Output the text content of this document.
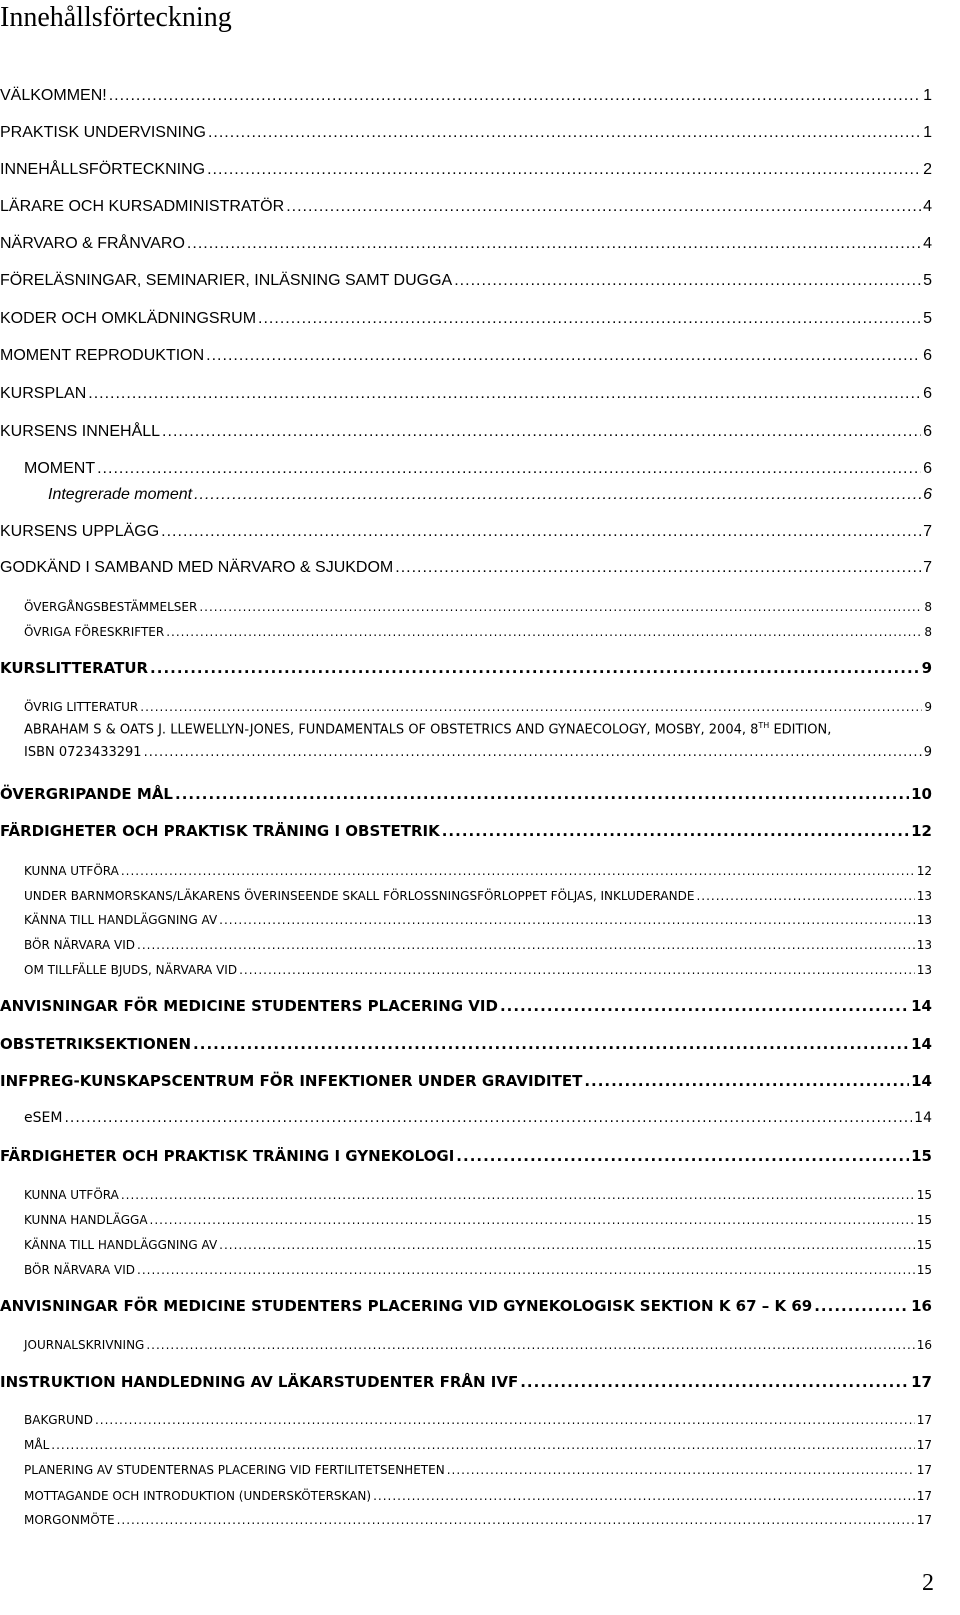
Innehållsförteckning
VÄLKOMMEN! .....	1
PRAKTISK UNDERVISNING .....	1
INNEHÅLLSFÖRTECKNING .....	2
LÄRARE OCH KURSADMINISTRATÖR .....	4
NÄRVARO & FRÅNVARO .....	4
FÖRELÄSNINGAR, SEMINARIER, INLÄSNING SAMT DUGGA .....	5
KODER OCH OMKLÄDNINGSRUM .....	5
MOMENT REPRODUKTION .....	6
KURSPLAN .....	6
KURSENS INNEHÅLL .....	6
MOMENT .....	6
Integrerade moment .....	6
KURSENS UPPLÄGG .....	7
GODKÄND I SAMBAND MED NÄRVARO & SJUKDOM .....	7
ÖVERGÅNGSBESTÄMMELSER .....	8
ÖVRIGA FÖRESKRIFTER .....	8
KURSLITTERATUR .....	9
ÖVRIG LITTERATUR .....	9
ABRAHAM S & OATS J. LLEWELLYN-JONES, FUNDAMENTALS OF OBSTETRICS AND GYNAECOLOGY, MOSBY, 2004, 8TH EDITION,
ISBN 0723433291 .....	9
ÖVERGRIPANDE MÅL .....	10
FÄRDIGHETER OCH PRAKTISK TRÄNING I OBSTETRIK .....	12
KUNNA UTFÖRA .....	12
UNDER BARNMORSKANS/LÄKARENS ÖVERINSEENDE SKALL FÖRLOSSNINGSFÖRLOPPET FÖLJAS, INKLUDERANDE .....	13
KÄNNA TILL HANDLÄGGNING AV .....	13
BÖR NÄRVARA VID .....	13
OM TILLFÄLLE BJUDS, NÄRVARA VID .....	13
ANVISNINGAR FÖR MEDICINE STUDENTERS PLACERING VID .....	14
OBSTETRIKSEKTIONEN .....	14
INFPREG-KUNSKAPSCENTRUM FÖR INFEKTIONER UNDER GRAVIDITET .....	14
eSEM .....	14
FÄRDIGHETER OCH PRAKTISK TRÄNING I GYNEKOLOGI .....	15
KUNNA UTFÖRA .....	15
KUNNA HANDLÄGGA .....	15
KÄNNA TILL HANDLÄGGNING AV .....	15
BÖR NÄRVARA VID .....	15
ANVISNINGAR FÖR MEDICINE STUDENTERS PLACERING VID GYNEKOLOGISK SEKTION K 67 – K 69 .....	16
JOURNALSKRIVNING .....	16
INSTRUKTION HANDLEDNING AV LÄKARSTUDENTER FRÅN IVF .....	17
BAKGRUND .....	17
MÅL .....	17
PLANERING AV STUDENTERNAS PLACERING VID FERTILITETSENHETEN .....	17
MOTTAGANDE OCH INTRODUKTION (UNDERSKÖTERSKAN) .....	17
MORGONMÖTE .....	17
2
